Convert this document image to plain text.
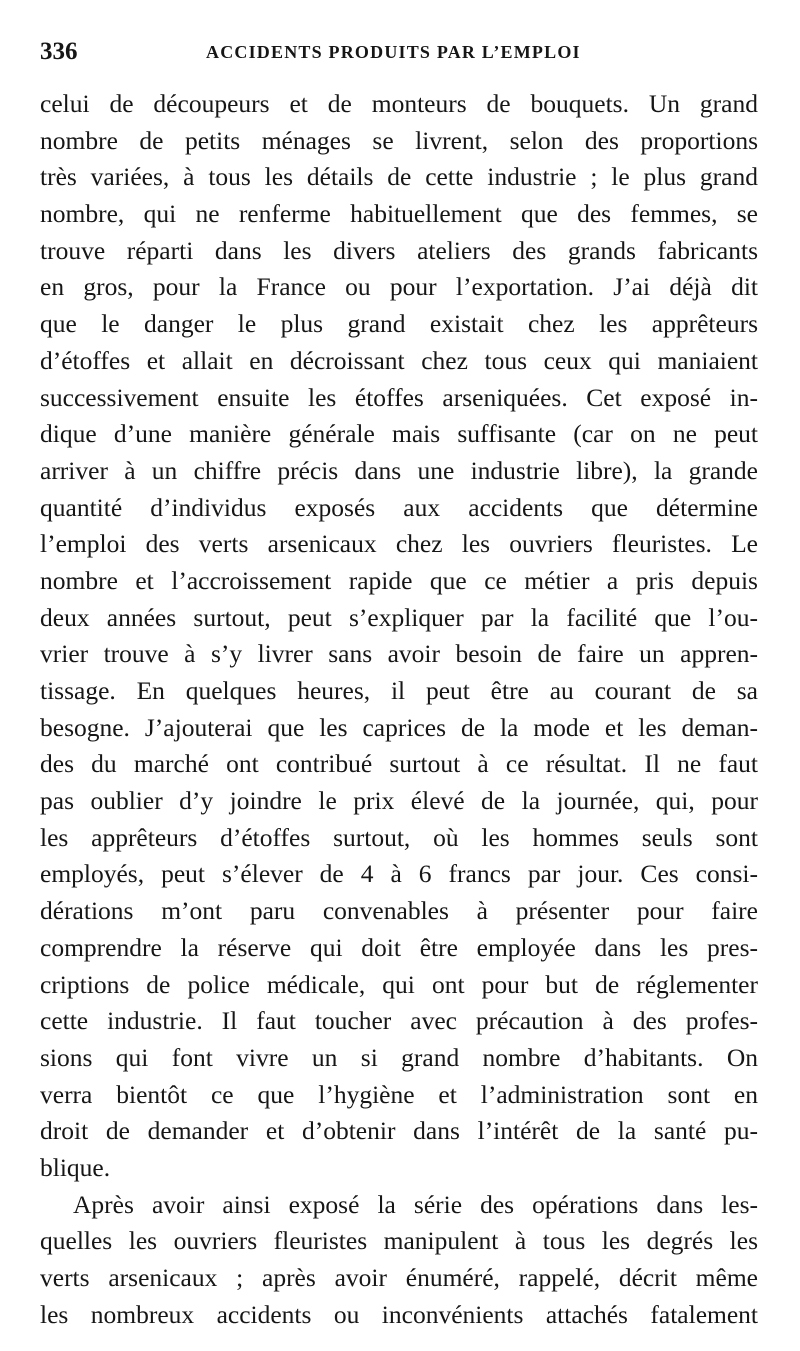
336	ACCIDENTS PRODUITS PAR L’EMPLOI
celui de découpeurs et de monteurs de bouquets. Un grand
nombre de petits ménages se livrent, selon des proportions
très variées, à tous les détails de cette industrie ; le plus grand
nombre, qui ne renferme habituellement que des femmes, se
trouve réparti dans les divers ateliers des grands fabricants
en gros, pour la France ou pour l’exportation. J’ai déjà dit
que le danger le plus grand existait chez les apprêteurs
d’étoffes et allait en décroissant chez tous ceux qui maniaient
successivement ensuite les étoffes arseniquées. Cet exposé in-
dique d’une manière générale mais suffisante (car on ne peut
arriver à un chiffre précis dans une industrie libre), la grande
quantité d’individus exposés aux accidents que détermine
l’emploi des verts arsenicaux chez les ouvriers fleuristes. Le
nombre et l’accroissement rapide que ce métier a pris depuis
deux années surtout, peut s’expliquer par la facilité que l’ou-
vrier trouve à s’y livrer sans avoir besoin de faire un appren-
tissage. En quelques heures, il peut être au courant de sa
besogne. J’ajouterai que les caprices de la mode et les deman-
des du marché ont contribué surtout à ce résultat. Il ne faut
pas oublier d’y joindre le prix élevé de la journée, qui, pour
les apprêteurs d’étoffes surtout, où les hommes seuls sont
employés, peut s’élever de 4 à 6 francs par jour. Ces consi-
dérations m’ont paru convenables à présenter pour faire
comprendre la réserve qui doit être employée dans les pres-
criptions de police médicale, qui ont pour but de réglementer
cette industrie. Il faut toucher avec précaution à des profes-
sions qui font vivre un si grand nombre d’habitants. On
verra bientôt ce que l’hygiène et l’administration sont en
droit de demander et d’obtenir dans l’intérêt de la santé pu-
blique.
Après avoir ainsi exposé la série des opérations dans les-
quelles les ouvriers fleuristes manipulent à tous les degrés les
verts arsenicaux ; après avoir énuméré, rappelé, décrit même
les nombreux accidents ou inconvénients attachés fatalement
